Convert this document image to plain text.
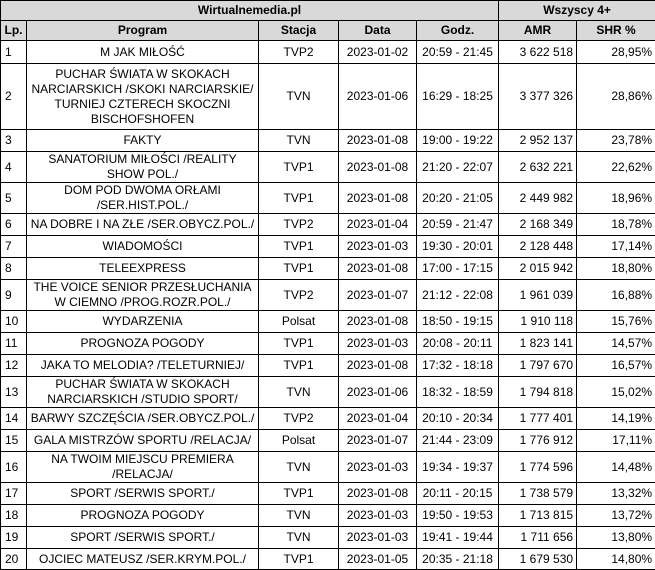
Wirtualnemedia.pl					Wszyscy 4+	
Lp.	Program	Stacja	Data	Godz.	AMR	SHR %
1	M JAK MIŁOŚĆ	TVP2	2023-01-02	20:59 - 21:45	3 622 518	28,95%
2	PUCHAR ŚWIATA W SKOKACH NARCIARSKICH /SKOKI NARCIARSKIE/ TURNIEJ CZTERECH SKOCZNI BISCHOFSHOFEN	TVN	2023-01-06	16:29 - 18:25	3 377 326	28,86%
3	FAKTY	TVN	2023-01-08	19:00 - 19:22	2 952 137	23,78%
4	SANATORIUM MIŁOŚCI /REALITY SHOW POL./	TVP1	2023-01-08	21:20 - 22:07	2 632 221	22,62%
5	DOM POD DWOMA ORŁAMI /SER.HIST.POL./	TVP1	2023-01-08	20:20 - 21:05	2 449 982	18,96%
6	NA DOBRE I NA ZŁE /SER.OBYCZ.POL./	TVP2	2023-01-04	20:59 - 21:47	2 168 349	18,78%
7	WIADOMOŚCI	TVP1	2023-01-03	19:30 - 20:01	2 128 448	17,14%
8	TELEEXPRESS	TVP1	2023-01-08	17:00 - 17:15	2 015 942	18,80%
9	THE VOICE SENIOR PRZESŁUCHANIA W CIEMNO /PROG.ROZR.POL./	TVP2	2023-01-07	21:12 - 22:08	1 961 039	16,88%
10	WYDARZENIA	Polsat	2023-01-08	18:50 - 19:15	1 910 118	15,76%
11	PROGNOZA POGODY	TVP1	2023-01-03	20:08 - 20:11	1 823 141	14,57%
12	JAKA TO MELODIA? /TELETURNIEJ/	TVP1	2023-01-08	17:32 - 18:18	1 797 670	16,57%
13	PUCHAR ŚWIATA W SKOKACH NARCIARSKICH /STUDIO SPORT/	TVN	2023-01-06	18:32 - 18:59	1 794 818	15,02%
14	BARWY SZCZĘŚCIA /SER.OBYCZ.POL./	TVP2	2023-01-04	20:10 - 20:34	1 777 401	14,19%
15	GALA MISTRZÓW SPORTU /RELACJA/	Polsat	2023-01-07	21:44 - 23:09	1 776 912	17,11%
16	NA TWOIM MIEJSCU PREMIERA /RELACJA/	TVN	2023-01-03	19:34 - 19:37	1 774 596	14,48%
17	SPORT /SERWIS SPORT./	TVP1	2023-01-08	20:11 - 20:15	1 738 579	13,32%
18	PROGNOZA POGODY	TVN	2023-01-03	19:50 - 19:53	1 713 815	13,72%
19	SPORT /SERWIS SPORT./	TVN	2023-01-03	19:41 - 19:44	1 711 656	13,80%
20	OJCIEC MATEUSZ /SER.KRYM.POL./	TVP1	2023-01-05	20:35 - 21:18	1 679 530	14,80%
